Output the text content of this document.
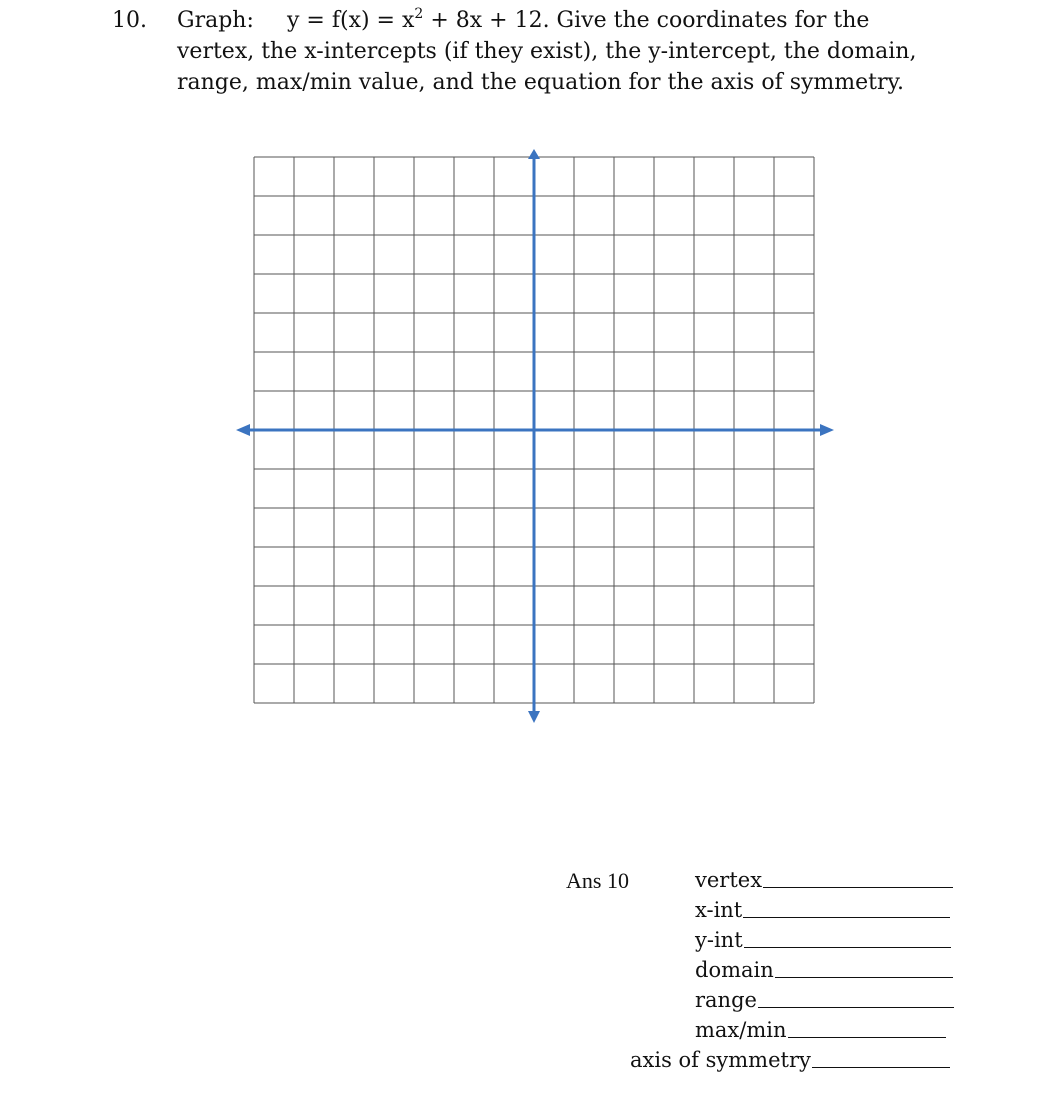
10. Graph: $y = f(x) = x^2 + 8x + 12$. Give the coordinates for the
vertex, the x-intercepts (if they exist), the y-intercept, the domain,
range, max/min value, and the equation for the axis of symmetry.
Ans 10	vertex
x-int
y-int
domain
range
max/min
axis of symmetry
